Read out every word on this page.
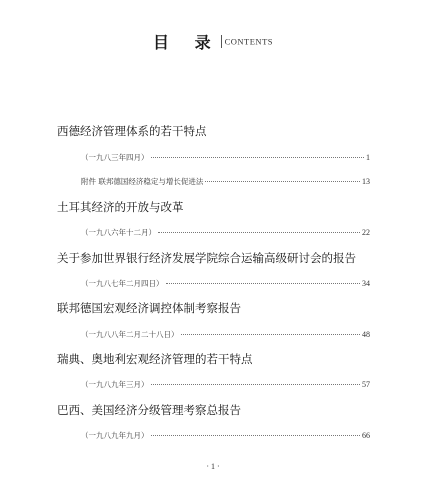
目 录 CONTENTS
西德经济管理体系的若干特点
（一九八三年四月）	1
附件 联邦德国经济稳定与增长促进法	13
土耳其经济的开放与改革
（一九八六年十二月）	22
关于参加世界银行经济发展学院综合运输高级研讨会的报告
（一九八七年二月四日）	34
联邦德国宏观经济调控体制考察报告
（一九八八年二月二十八日）	48
瑞典、奥地利宏观经济管理的若干特点
（一九八九年三月）	57
巴西、美国经济分级管理考察总报告
（一九八九年九月）	66
· 1 ·
